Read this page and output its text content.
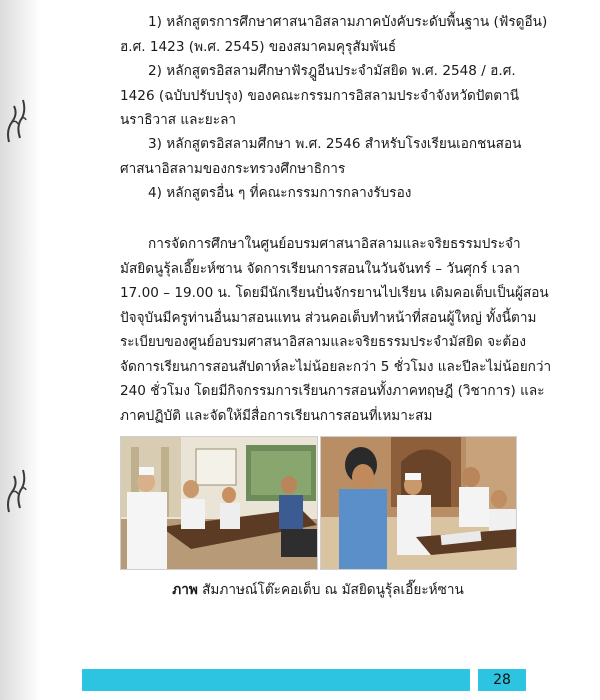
1) หลักสูตรการศึกษาศาสนาอิสลามภาคบังคับระดับพื้นฐาน (ฟัรดูอีน)
ฮ.ศ. 1423 (พ.ศ. 2545) ของสมาคมคุรุสัมพันธ์
2) หลักสูตรอิสลามศึกษาฟัรฎูอีนประจำมัสยิด พ.ศ. 2548 / ฮ.ศ.
1426 (ฉบับปรับปรุง) ของคณะกรรมการอิสลามประจำจังหวัดปัตตานี
นราธิวาส และยะลา
3) หลักสูตรอิสลามศึกษา พ.ศ. 2546 สำหรับโรงเรียนเอกชนสอน
ศาสนาอิสลามของกระทรวงศึกษาธิการ
4) หลักสูตรอื่น ๆ ที่คณะกรรมการกลางรับรอง
การจัดการศึกษาในศูนย์อบรมศาสนาอิสลามและจริยธรรมประจำ
มัสยิดนูรุ้ลเอี๊ยะห์ซาน จัดการเรียนการสอนในวันจันทร์ – วันศุกร์ เวลา
17.00 – 19.00 น. โดยมีนักเรียนปั่นจักรยานไปเรียน เดิมคอเต็บเป็นผู้สอน
ปัจจุบันมีครูท่านอื่นมาสอนแทน ส่วนคอเต็บทำหน้าที่สอนผู้ใหญ่ ทั้งนี้ตาม
ระเบียบของศูนย์อบรมศาสนาอิสลามและจริยธรรมประจำมัสยิด จะต้อง
จัดการเรียนการสอนสัปดาห์ละไม่น้อยละกว่า 5 ชั่วโมง และปีละไม่น้อยกว่า
240 ชั่วโมง โดยมีกิจกรรมการเรียนการสอนทั้งภาคทฤษฎี (วิชาการ) และ
ภาคปฏิบัติ และจัดให้มีสื่อการเรียนการสอนที่เหมาะสม
ภาพ สัมภาษณ์โต๊ะคอเต็บ ณ มัสยิดนูรุ้ลเอี๊ยะห์ซาน
28
